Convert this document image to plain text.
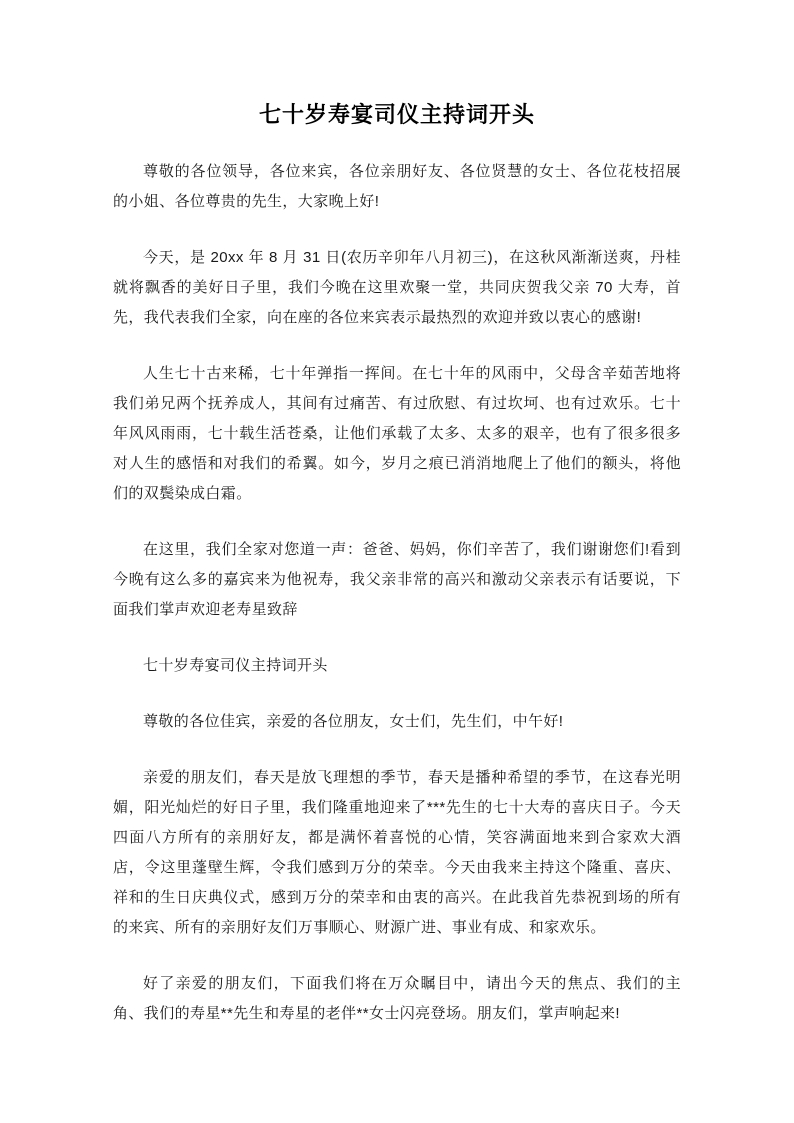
七十岁寿宴司仪主持词开头

尊敬的各位领导，各位来宾，各位亲朋好友、各位贤慧的女士、各位花枝招展的小姐、各位尊贵的先生，大家晚上好!

今天，是 20xx 年 8 月 31 日(农历辛卯年八月初三)，在这秋风渐渐送爽，丹桂就将飘香的美好日子里，我们今晚在这里欢聚一堂，共同庆贺我父亲 70 大寿，首先，我代表我们全家，向在座的各位来宾表示最热烈的欢迎并致以衷心的感谢!

人生七十古来稀，七十年弹指一挥间。在七十年的风雨中，父母含辛茹苦地将我们弟兄两个抚养成人，其间有过痛苦、有过欣慰、有过坎坷、也有过欢乐。七十年风风雨雨，七十载生活苍桑，让他们承载了太多、太多的艰辛，也有了很多很多对人生的感悟和对我们的希翼。如今，岁月之痕已消消地爬上了他们的额头，将他们的双鬓染成白霜。

在这里，我们全家对您道一声：爸爸、妈妈，你们辛苦了，我们谢谢您们!看到今晚有这么多的嘉宾来为他祝寿，我父亲非常的高兴和激动父亲表示有话要说，下面我们掌声欢迎老寿星致辞

七十岁寿宴司仪主持词开头

尊敬的各位佳宾，亲爱的各位朋友，女士们，先生们，中午好!

亲爱的朋友们，春天是放飞理想的季节，春天是播种希望的季节，在这春光明媚，阳光灿烂的好日子里，我们隆重地迎来了***先生的七十大寿的喜庆日子。今天四面八方所有的亲朋好友，都是满怀着喜悦的心情，笑容满面地来到合家欢大酒店，令这里蓬壁生辉，令我们感到万分的荣幸。今天由我来主持这个隆重、喜庆、祥和的生日庆典仪式，感到万分的荣幸和由衷的高兴。在此我首先恭祝到场的所有的来宾、所有的亲朋好友们万事顺心、财源广进、事业有成、和家欢乐。

好了亲爱的朋友们，下面我们将在万众瞩目中，请出今天的焦点、我们的主角、我们的寿星**先生和寿星的老伴**女士闪亮登场。朋友们，掌声响起来!
